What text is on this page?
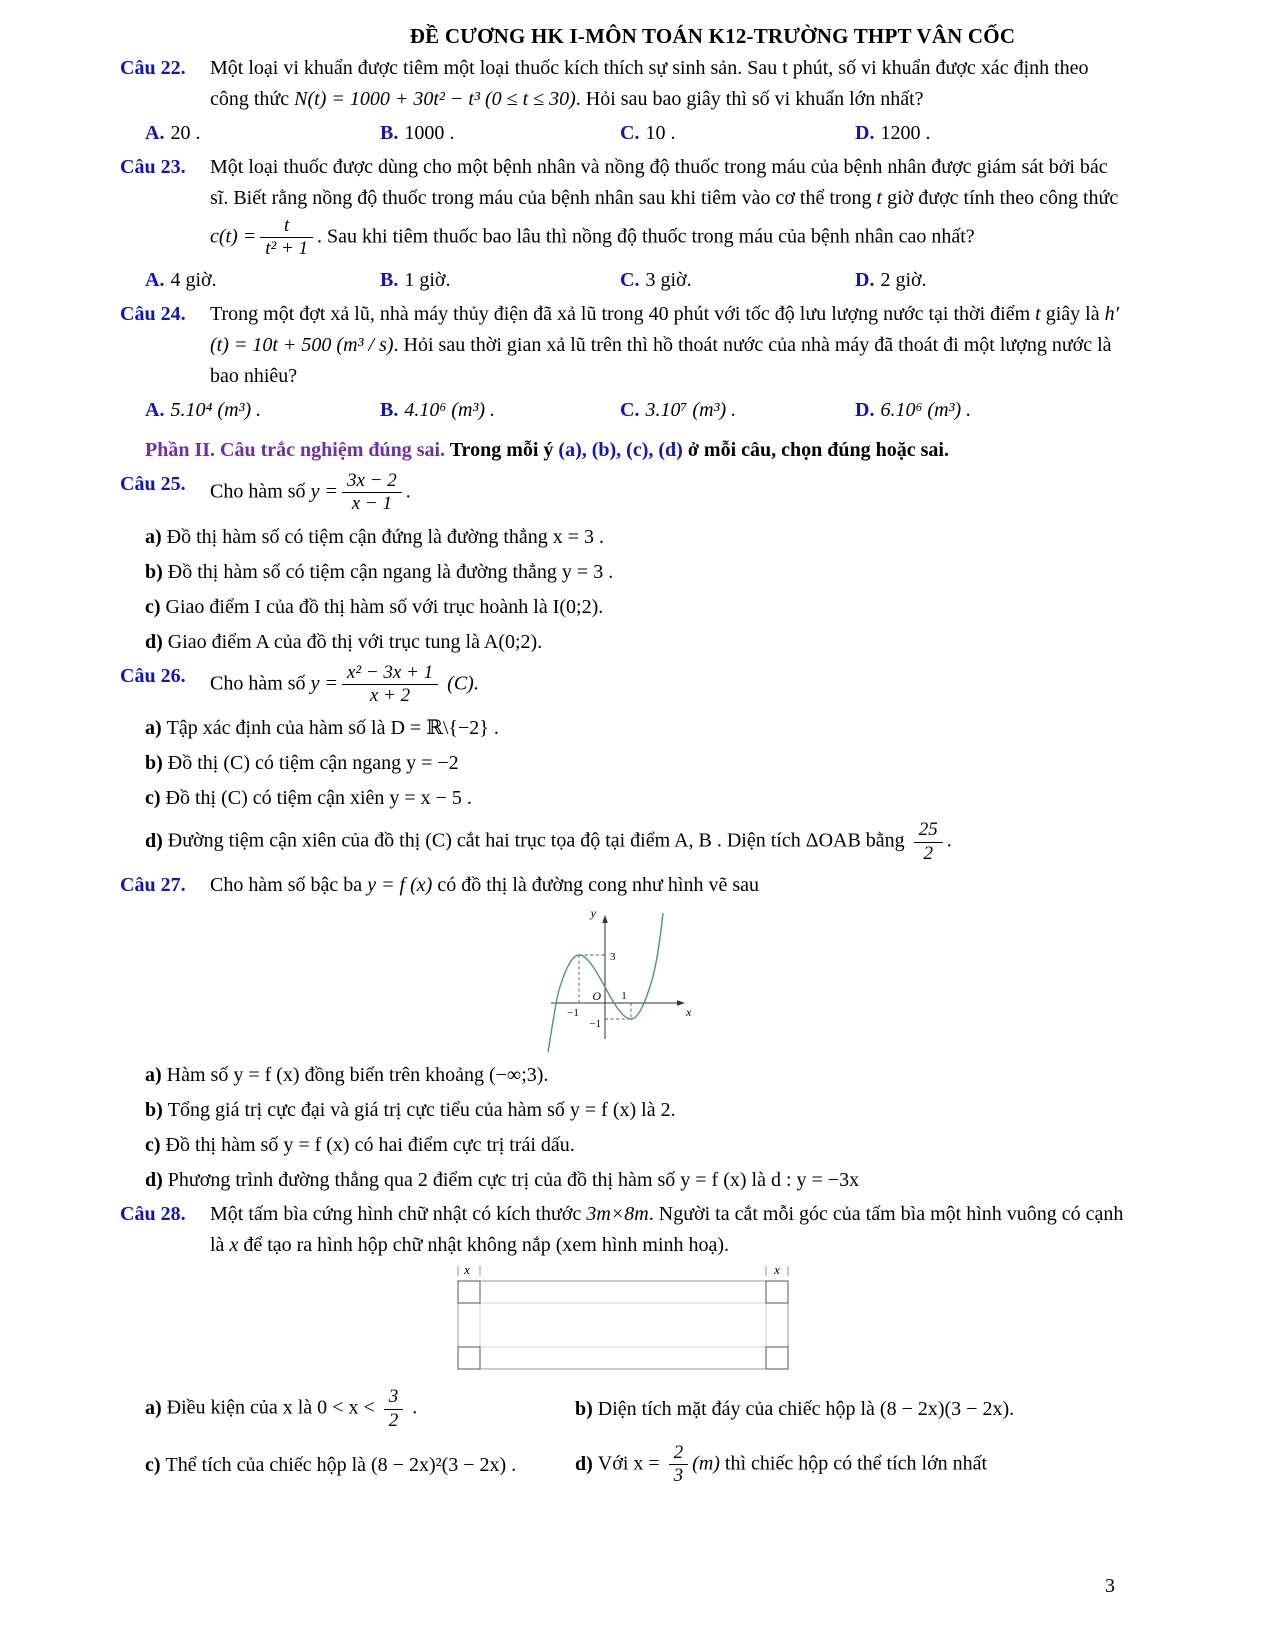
ĐỀ CƯƠNG HK I-MÔN TOÁN K12-TRƯỜNG THPT VÂN CỐC
Câu 22.	Một loại vi khuẩn được tiêm một loại thuốc kích thích sự sinh sản. Sau t phút, số vi khuẩn được xác định theo công thức N(t) = 1000 + 30t² − t³ (0 ≤ t ≤ 30). Hỏi sau bao giây thì số vi khuẩn lớn nhất?

A. 20 .	B. 1000 .	C. 10 .	D. 1200 .
Câu 23.	Một loại thuốc được dùng cho một bệnh nhân và nồng độ thuốc trong máu của bệnh nhân được giám sát bởi bác sĩ. Biết rằng nồng độ thuốc trong máu của bệnh nhân sau khi tiêm vào cơ thể trong t giờ được tính theo công thức $c(t) = \frac{t}{\text{t² + 1}}$ . Sau khi tiêm thuốc bao lâu thì nồng độ thuốc trong máu của bệnh nhân cao nhất?

A. 4 giờ.	B. 1 giờ.	C. 3 giờ.	D. 2 giờ.
Câu 24.	Trong một đợt xả lũ, nhà máy thủy điện đã xả lũ trong 40 phút với tốc độ lưu lượng nước tại thời điểm t giây là h′(t) = 10t + 500 (m³ / s). Hỏi sau thời gian xả lũ trên thì hồ thoát nước của nhà máy đã thoát đi một lượng nước là bao nhiêu?

A. 5.10⁴ (m³) .	B. 4.10⁶ (m³) .	C. 3.10⁷ (m³) .	D. 6.10⁶ (m³) .

Phần II. Câu trắc nghiệm đúng sai. Trong mỗi ý (a), (b), (c), (d) ở mỗi câu, chọn đúng hoặc sai.

Câu 25.	Cho hàm số $y = \frac{3x - 2}{x - 1}$ .

a) Đồ thị hàm số có tiệm cận đứng là đường thẳng x = 3 .
b) Đồ thị hàm số có tiệm cận ngang là đường thẳng y = 3 .
c) Giao điểm I của đồ thị hàm số với trục hoành là I(0;2).
d) Giao điểm A của đồ thị với trục tung là A(0;2).
Câu 26.	Cho hàm số $y = \frac{\text{x² − 3x + 1}}{x + 2} (C)$.

a) Tập xác định của hàm số là D = ℝ\{−2} .
b) Đồ thị (C) có tiệm cận ngang y = −2
c) Đồ thị (C) có tiệm cận xiên y = x − 5 .
d) Đường tiệm cận xiên của đồ thị (C) cắt hai trục tọa độ tại điểm A, B . Diện tích ΔOAB bằng $\frac{25}{2}$ .
Câu 27.	Cho hàm số bậc ba y = f (x) có đồ thị là đường cong như hình vẽ sau

y
3
−1
O 1
x
−1
a) Hàm số y = f (x) đồng biến trên khoảng (−∞;3).
b) Tổng giá trị cực đại và giá trị cực tiểu của hàm số y = f (x) là 2.
c) Đồ thị hàm số y = f (x) có hai điểm cực trị trái dấu.
d) Phương trình đường thẳng qua 2 điểm cực trị của đồ thị hàm số y = f (x) là d : y = −3x
Câu 28.	Một tấm bìa cứng hình chữ nhật có kích thước 3m×8m. Người ta cắt mỗi góc của tấm bìa một hình vuông có cạnh là x để tạo ra hình hộp chữ nhật không nắp (xem hình minh hoạ).

x	x
a) Điều kiện của x là $0 < x < \frac{3}{2}$ .	b) Diện tích mặt đáy của chiếc hộp là (8 − 2x)(3 − 2x).
c) Thể tích của chiếc hộp là (8 − 2x)²(3 − 2x) .	d) Với $x = \frac{2}{3} (m)$ thì chiếc hộp có thể tích lớn nhất
3
